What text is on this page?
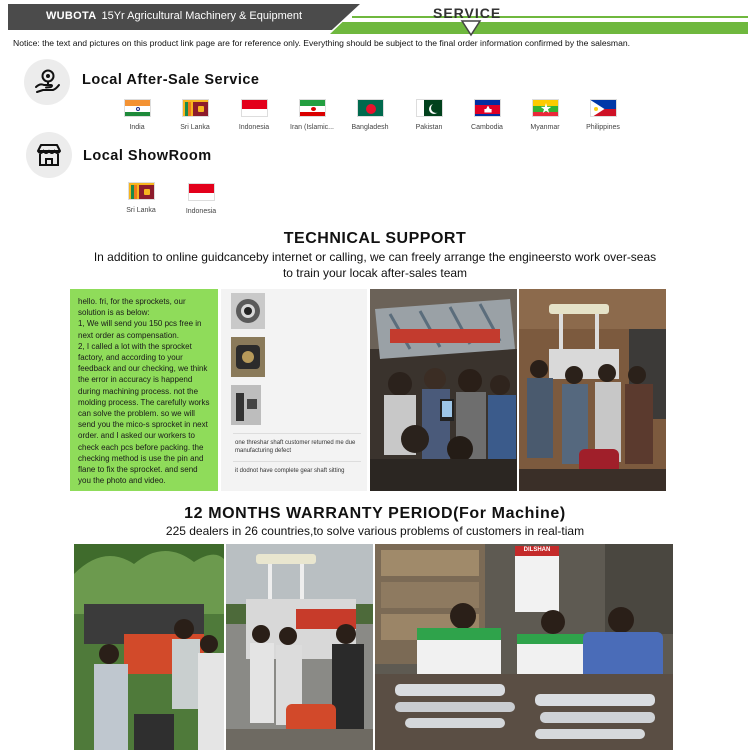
WUBOTA 15Yr Agricultural Machinery & Equipment	SERVICE
Notice: the text and pictures on this product link page are for reference only. Everything should be subject to the final order information confirmed by the salesman.
Local After-Sale Service
India	Sri Lanka	Indonesia	Iran (Islamic...	Bangladesh	Pakistan	Cambodia	Myanmar	Philippines
Local ShowRoom
Sri Lanka	Indonesia
TECHNICAL SUPPORT
In addition to online guidcanceby internet or calling, we can freely arrange the engineersto work over-seas
to train your locak after-sales team
hello. fri, for the sprockets, our solution is as below:
1, We will send you 150 pcs free in next order as compensation.
2, I called a lot with the sprocket factory, and according to your feedback and our checking, we think the error in accuracy is happend during machining process. not the molding process. The carefully works can solve the problem. so we will send you the mico-s sprocket in next order. and I asked our workers to check each pcs before packing. the checking method is use the pin and flane to fix the sprocket. and send you the photo and video.
one threshar shaft customer returned me due manufacturing defect
it dodnot have complete gear shaft sitting
12 MONTHS WARRANTY PERIOD(For Machine)
225 dealers in 26 countries,to solve various problems of customers in real-tiam
DILSHAN
